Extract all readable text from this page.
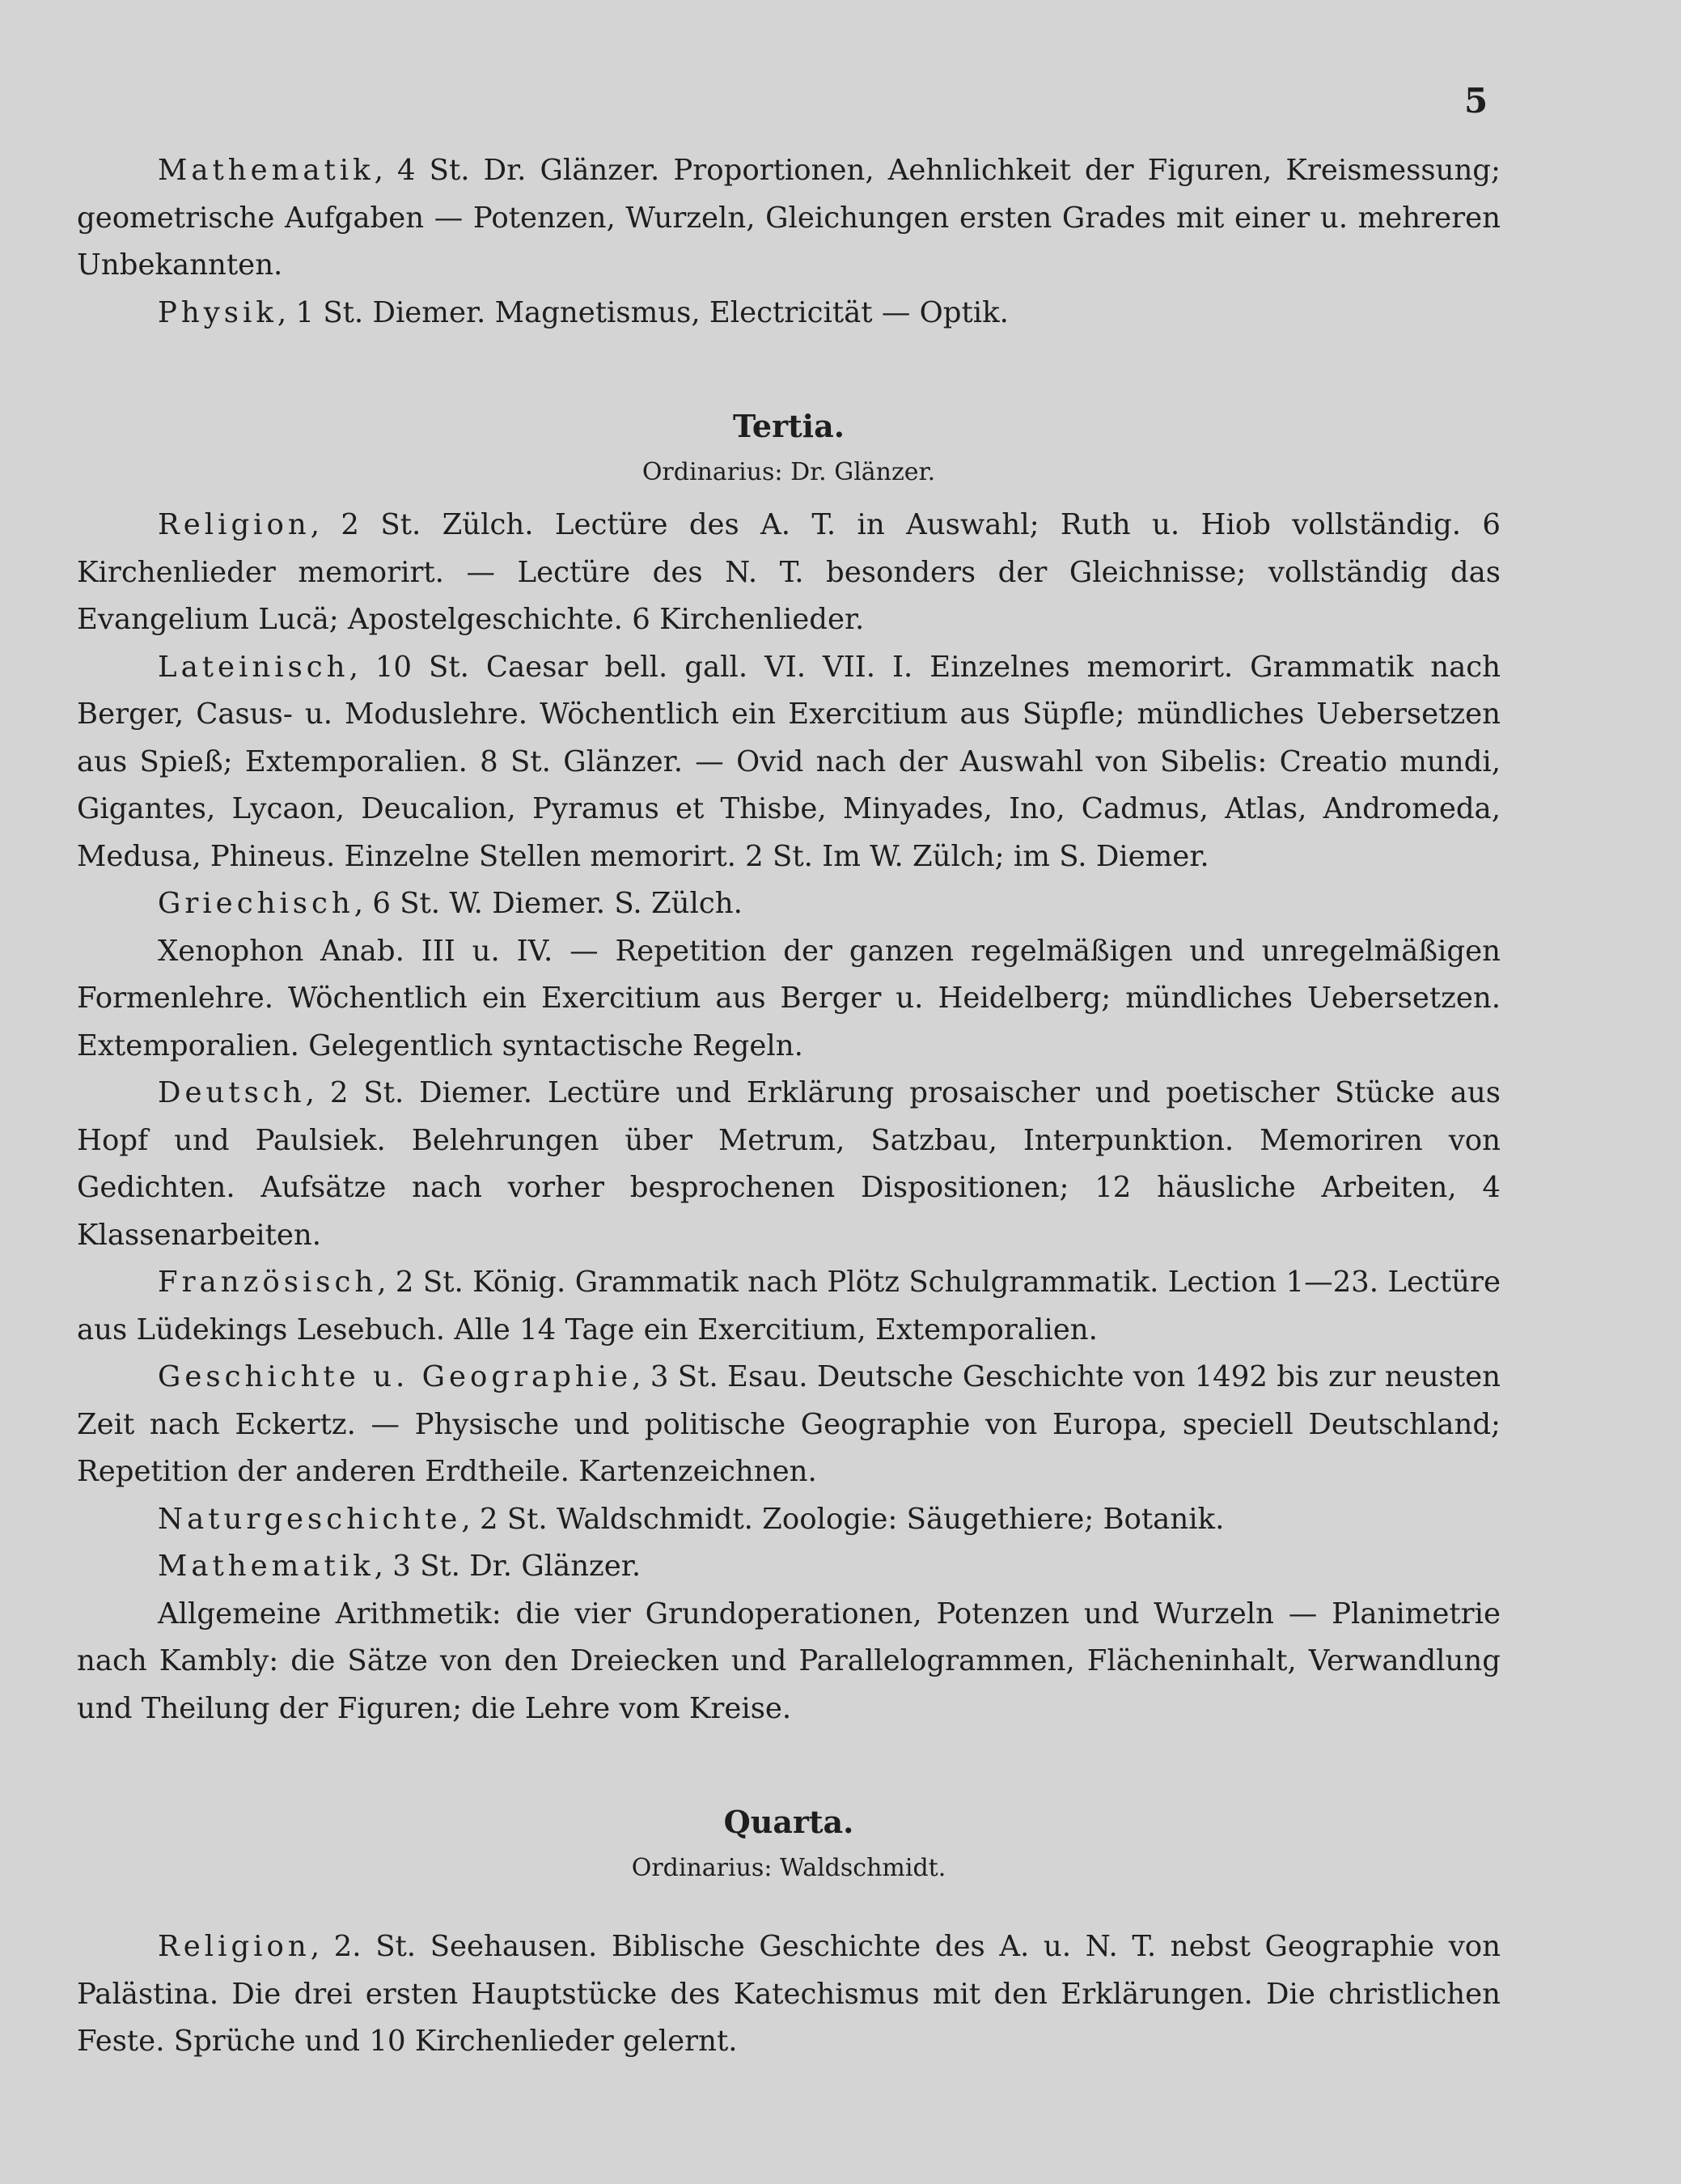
5

Mathematik, 4 St. Dr. Glänzer. Proportionen, Aehnlichkeit der Figuren, Kreismessung; geometrische Aufgaben — Potenzen, Wurzeln, Gleichungen ersten Grades mit einer u. mehreren Unbekannten.

Physik, 1 St. Diemer. Magnetismus, Electricität — Optik.

Tertia.
Ordinarius: Dr. Glänzer.

Religion, 2 St. Zülch. Lectüre des A. T. in Auswahl; Ruth u. Hiob vollständig. 6 Kirchenlieder memorirt. — Lectüre des N. T. besonders der Gleichnisse; vollständig das Evangelium Lucä; Apostelgeschichte. 6 Kirchenlieder.

Lateinisch, 10 St. Caesar bell. gall. VI. VII. I. Einzelnes memorirt. Grammatik nach Berger, Casus- u. Moduslehre. Wöchentlich ein Exercitium aus Süpfle; mündliches Uebersetzen aus Spieß; Extemporalien. 8 St. Glänzer. — Ovid nach der Auswahl von Sibelis: Creatio mundi, Gigantes, Lycaon, Deucalion, Pyramus et Thisbe, Minyades, Ino, Cadmus, Atlas, Andromeda, Medusa, Phineus. Einzelne Stellen memorirt. 2 St. Im W. Zülch; im S. Diemer.

Griechisch, 6 St. W. Diemer. S. Zülch.

Xenophon Anab. III u. IV. — Repetition der ganzen regelmäßigen und unregelmäßigen Formenlehre. Wöchentlich ein Exercitium aus Berger u. Heidelberg; mündliches Uebersetzen. Extemporalien. Gelegentlich syntactische Regeln.

Deutsch, 2 St. Diemer. Lectüre und Erklärung prosaischer und poetischer Stücke aus Hopf und Paulsiek. Belehrungen über Metrum, Satzbau, Interpunktion. Memoriren von Gedichten. Aufsätze nach vorher besprochenen Dispositionen; 12 häusliche Arbeiten, 4 Klassenarbeiten.

Französisch, 2 St. König. Grammatik nach Plötz Schulgrammatik. Lection 1—23. Lectüre aus Lüdekings Lesebuch. Alle 14 Tage ein Exercitium, Extemporalien.

Geschichte u. Geographie, 3 St. Esau. Deutsche Geschichte von 1492 bis zur neusten Zeit nach Eckertz. — Physische und politische Geographie von Europa, speciell Deutschland; Repetition der anderen Erdtheile. Kartenzeichnen.

Naturgeschichte, 2 St. Waldschmidt. Zoologie: Säugethiere; Botanik.

Mathematik, 3 St. Dr. Glänzer.

Allgemeine Arithmetik: die vier Grundoperationen, Potenzen und Wurzeln — Planimetrie nach Kambly: die Sätze von den Dreiecken und Parallelogrammen, Flächeninhalt, Verwandlung und Theilung der Figuren; die Lehre vom Kreise.

Quarta.
Ordinarius: Waldschmidt.

Religion, 2. St. Seehausen. Biblische Geschichte des A. u. N. T. nebst Geographie von Palästina. Die drei ersten Hauptstücke des Katechismus mit den Erklärungen. Die christlichen Feste. Sprüche und 10 Kirchenlieder gelernt.
